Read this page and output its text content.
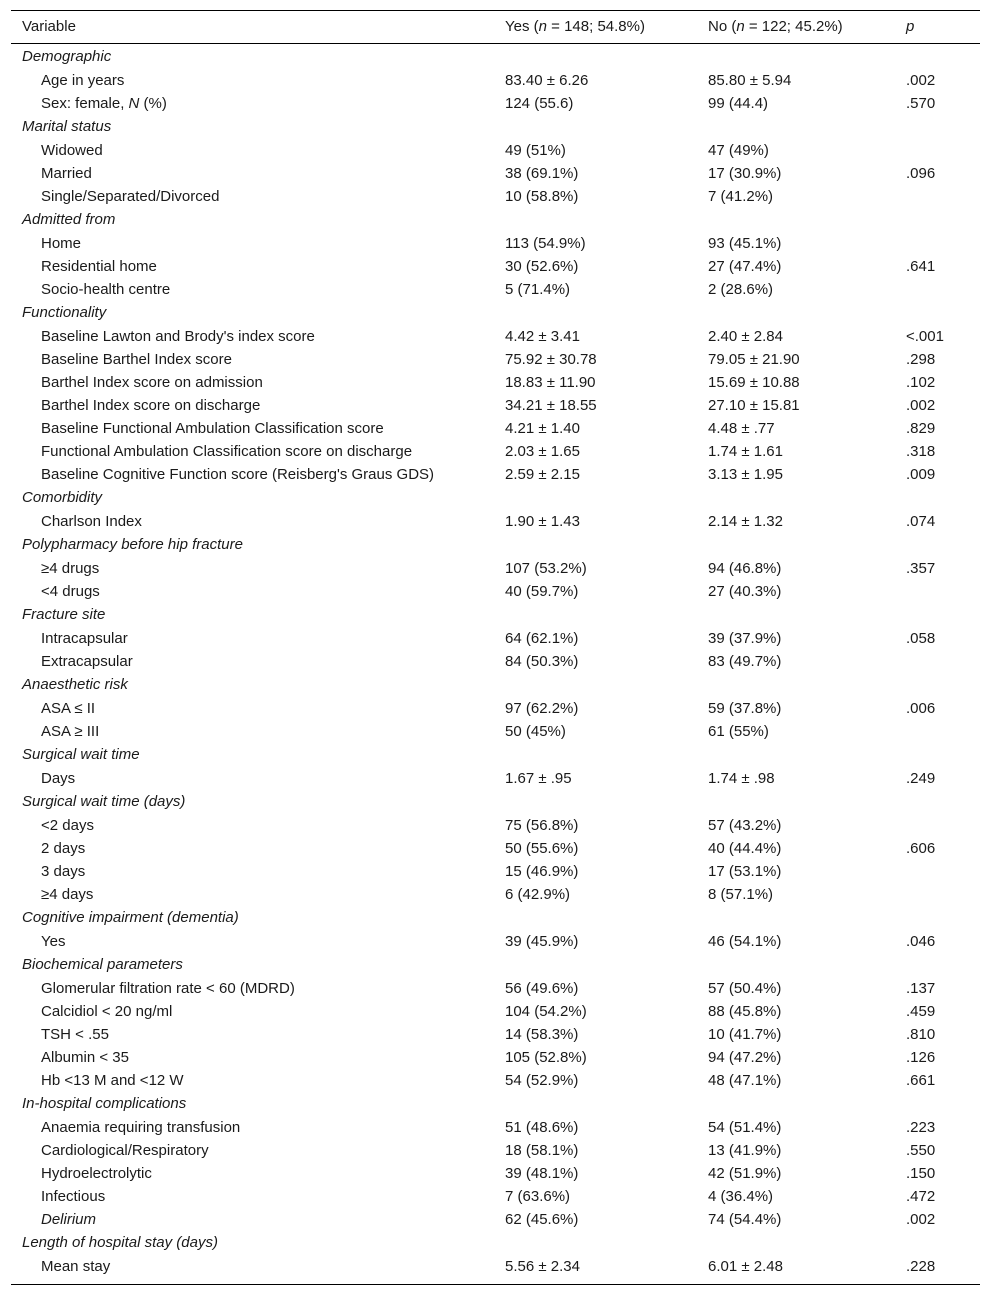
Variable	Yes (n = 148; 54.8%)	No (n = 122; 45.2%)	p
Demographic
Age in years	83.40 ± 6.26	85.80 ± 5.94	.002
Sex: female, N (%)	124 (55.6)	99 (44.4)	.570
Marital status
Widowed	49 (51%)	47 (49%)
Married	38 (69.1%)	17 (30.9%)	.096
Single/Separated/Divorced	10 (58.8%)	7 (41.2%)
Admitted from
Home	113 (54.9%)	93 (45.1%)
Residential home	30 (52.6%)	27 (47.4%)	.641
Socio-health centre	5 (71.4%)	2 (28.6%)
Functionality
Baseline Lawton and Brody's index score	4.42 ± 3.41	2.40 ± 2.84	<.001
Baseline Barthel Index score	75.92 ± 30.78	79.05 ± 21.90	.298
Barthel Index score on admission	18.83 ± 11.90	15.69 ± 10.88	.102
Barthel Index score on discharge	34.21 ± 18.55	27.10 ± 15.81	.002
Baseline Functional Ambulation Classification score	4.21 ± 1.40	4.48 ± .77	.829
Functional Ambulation Classification score on discharge	2.03 ± 1.65	1.74 ± 1.61	.318
Baseline Cognitive Function score (Reisberg's Graus GDS)	2.59 ± 2.15	3.13 ± 1.95	.009
Comorbidity
Charlson Index	1.90 ± 1.43	2.14 ± 1.32	.074
Polypharmacy before hip fracture
≥4 drugs	107 (53.2%)	94 (46.8%)	.357
<4 drugs	40 (59.7%)	27 (40.3%)
Fracture site
Intracapsular	64 (62.1%)	39 (37.9%)	.058
Extracapsular	84 (50.3%)	83 (49.7%)
Anaesthetic risk
ASA ≤ II	97 (62.2%)	59 (37.8%)	.006
ASA ≥ III	50 (45%)	61 (55%)
Surgical wait time
Days	1.67 ± .95	1.74 ± .98	.249
Surgical wait time (days)
<2 days	75 (56.8%)	57 (43.2%)
2 days	50 (55.6%)	40 (44.4%)	.606
3 days	15 (46.9%)	17 (53.1%)
≥4 days	6 (42.9%)	8 (57.1%)
Cognitive impairment (dementia)
Yes	39 (45.9%)	46 (54.1%)	.046
Biochemical parameters
Glomerular filtration rate < 60 (MDRD)	56 (49.6%)	57 (50.4%)	.137
Calcidiol < 20 ng/ml	104 (54.2%)	88 (45.8%)	.459
TSH < .55	14 (58.3%)	10 (41.7%)	.810
Albumin < 35	105 (52.8%)	94 (47.2%)	.126
Hb <13 M and <12 W	54 (52.9%)	48 (47.1%)	.661
In-hospital complications
Anaemia requiring transfusion	51 (48.6%)	54 (51.4%)	.223
Cardiological/Respiratory	18 (58.1%)	13 (41.9%)	.550
Hydroelectrolytic	39 (48.1%)	42 (51.9%)	.150
Infectious	7 (63.6%)	4 (36.4%)	.472
Delirium	62 (45.6%)	74 (54.4%)	.002
Length of hospital stay (days)
Mean stay	5.56 ± 2.34	6.01 ± 2.48	.228
